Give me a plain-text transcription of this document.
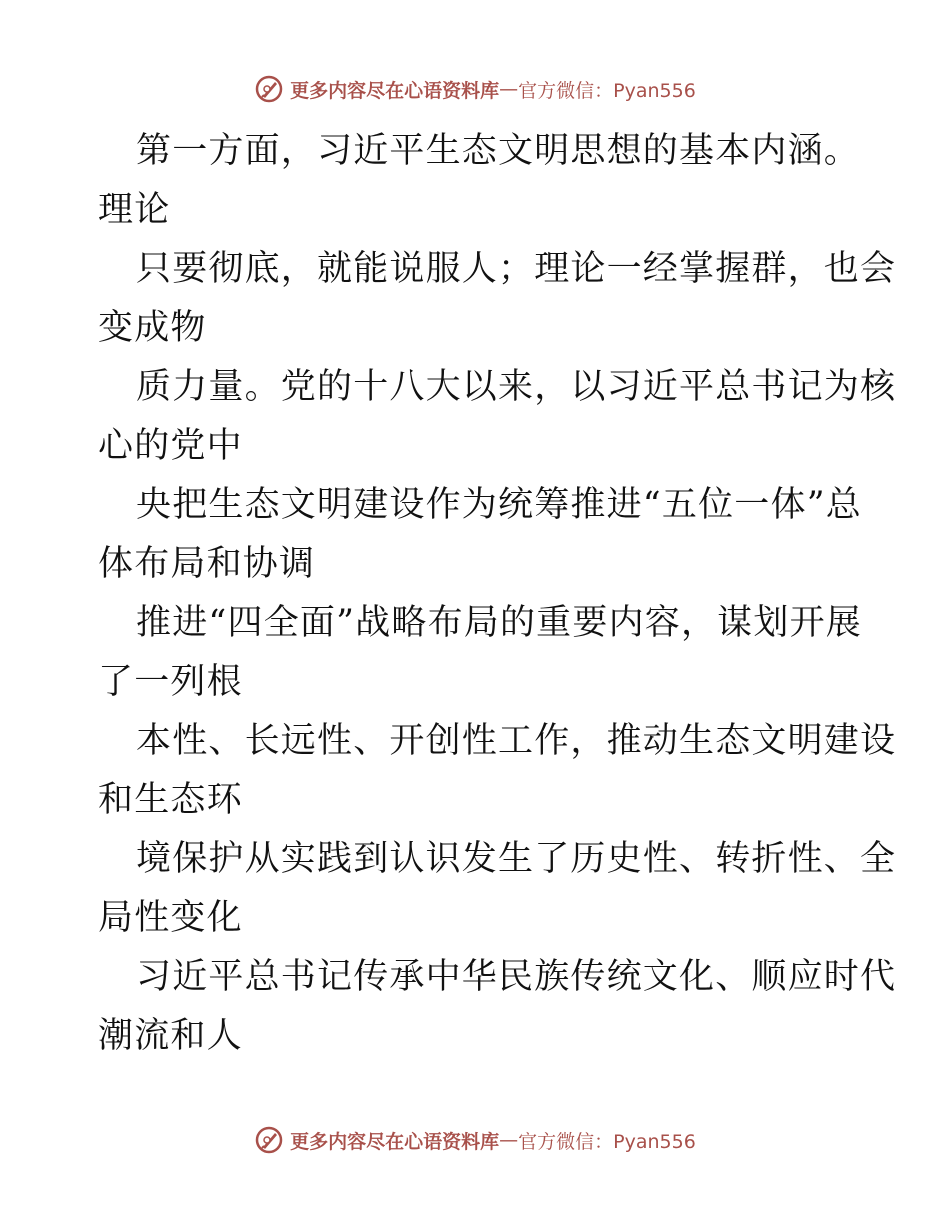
更多内容尽在心语资料库 — 官方微信：Pyan556
第一方面，习近平生态文明思想的基本内涵。
理论
只要彻底，就能说服人；理论一经掌握群，也会
变成物
质力量。党的十八大以来，以习近平总书记为核
心的党中
央把生态文明建设作为统筹推进“五位一体”总
体布局和协调
推进“四全面”战略布局的重要内容，谋划开展
了一列根
本性、长远性、开创性工作，推动生态文明建设
和生态环
境保护从实践到认识发生了历史性、转折性、全
局性变化
习近平总书记传承中华民族传统文化、顺应时代
潮流和人
更多内容尽在心语资料库 — 官方微信：Pyan556
